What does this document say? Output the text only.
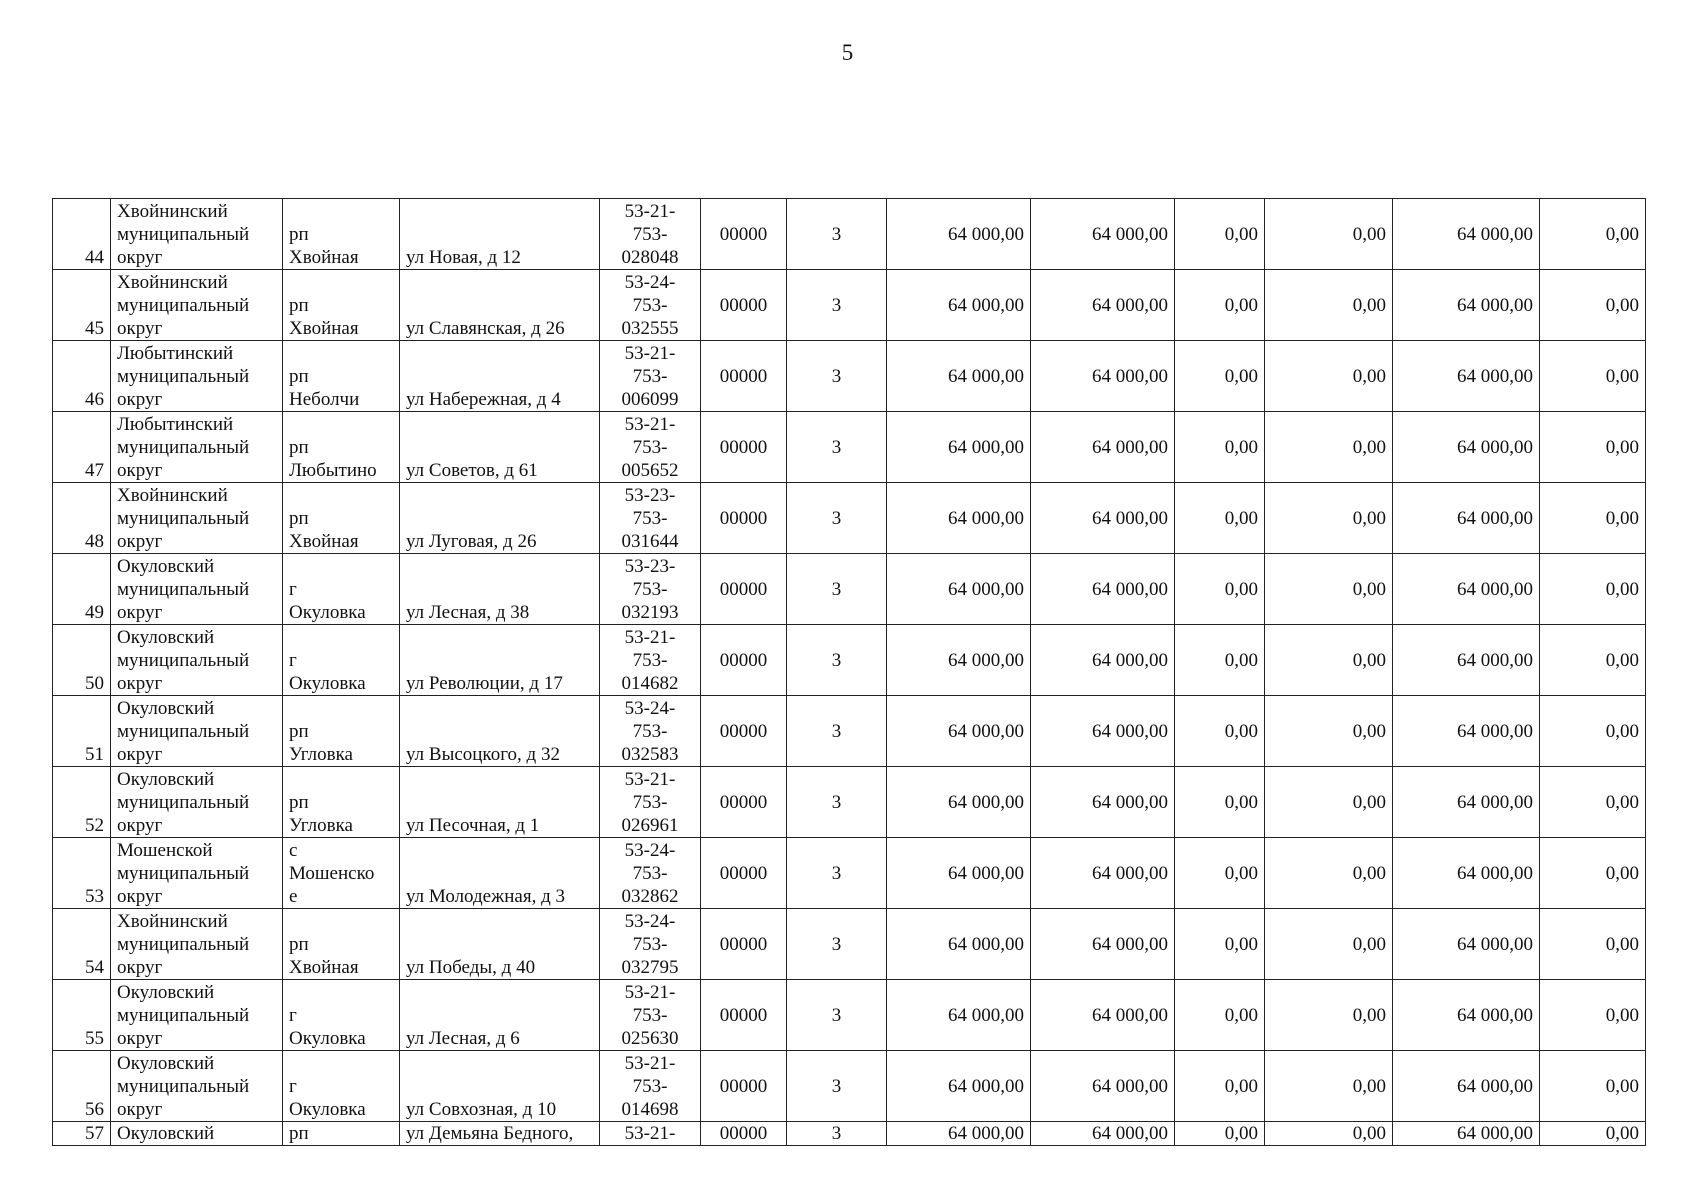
5
44	Хвойнинский
муниципальный
округ	рп
Хвойная	ул Новая, д 12	53-21-
753-
028048	00000	3	64 000,00	64 000,00	0,00	0,00	64 000,00	0,00
45	Хвойнинский
муниципальный
округ	рп
Хвойная	ул Славянская, д 26	53-24-
753-
032555	00000	3	64 000,00	64 000,00	0,00	0,00	64 000,00	0,00
46	Любытинский
муниципальный
округ	рп
Неболчи	ул Набережная, д 4	53-21-
753-
006099	00000	3	64 000,00	64 000,00	0,00	0,00	64 000,00	0,00
47	Любытинский
муниципальный
округ	рп
Любытино	ул Советов, д 61	53-21-
753-
005652	00000	3	64 000,00	64 000,00	0,00	0,00	64 000,00	0,00
48	Хвойнинский
муниципальный
округ	рп
Хвойная	ул Луговая, д 26	53-23-
753-
031644	00000	3	64 000,00	64 000,00	0,00	0,00	64 000,00	0,00
49	Окуловский
муниципальный
округ	г
Окуловка	ул Лесная, д 38	53-23-
753-
032193	00000	3	64 000,00	64 000,00	0,00	0,00	64 000,00	0,00
50	Окуловский
муниципальный
округ	г
Окуловка	ул Революции, д 17	53-21-
753-
014682	00000	3	64 000,00	64 000,00	0,00	0,00	64 000,00	0,00
51	Окуловский
муниципальный
округ	рп
Угловка	ул Высоцкого, д 32	53-24-
753-
032583	00000	3	64 000,00	64 000,00	0,00	0,00	64 000,00	0,00
52	Окуловский
муниципальный
округ	рп
Угловка	ул Песочная, д 1	53-21-
753-
026961	00000	3	64 000,00	64 000,00	0,00	0,00	64 000,00	0,00
53	Мошенской
муниципальный
округ	с
Мошенско
е	ул Молодежная, д 3	53-24-
753-
032862	00000	3	64 000,00	64 000,00	0,00	0,00	64 000,00	0,00
54	Хвойнинский
муниципальный
округ	рп
Хвойная	ул Победы, д 40	53-24-
753-
032795	00000	3	64 000,00	64 000,00	0,00	0,00	64 000,00	0,00
55	Окуловский
муниципальный
округ	г
Окуловка	ул Лесная, д 6	53-21-
753-
025630	00000	3	64 000,00	64 000,00	0,00	0,00	64 000,00	0,00
56	Окуловский
муниципальный
округ	г
Окуловка	ул Совхозная, д 10	53-21-
753-
014698	00000	3	64 000,00	64 000,00	0,00	0,00	64 000,00	0,00
57	Окуловский	рп	ул Демьяна Бедного,	53-21-	00000	3	64 000,00	64 000,00	0,00	0,00	64 000,00	0,00
